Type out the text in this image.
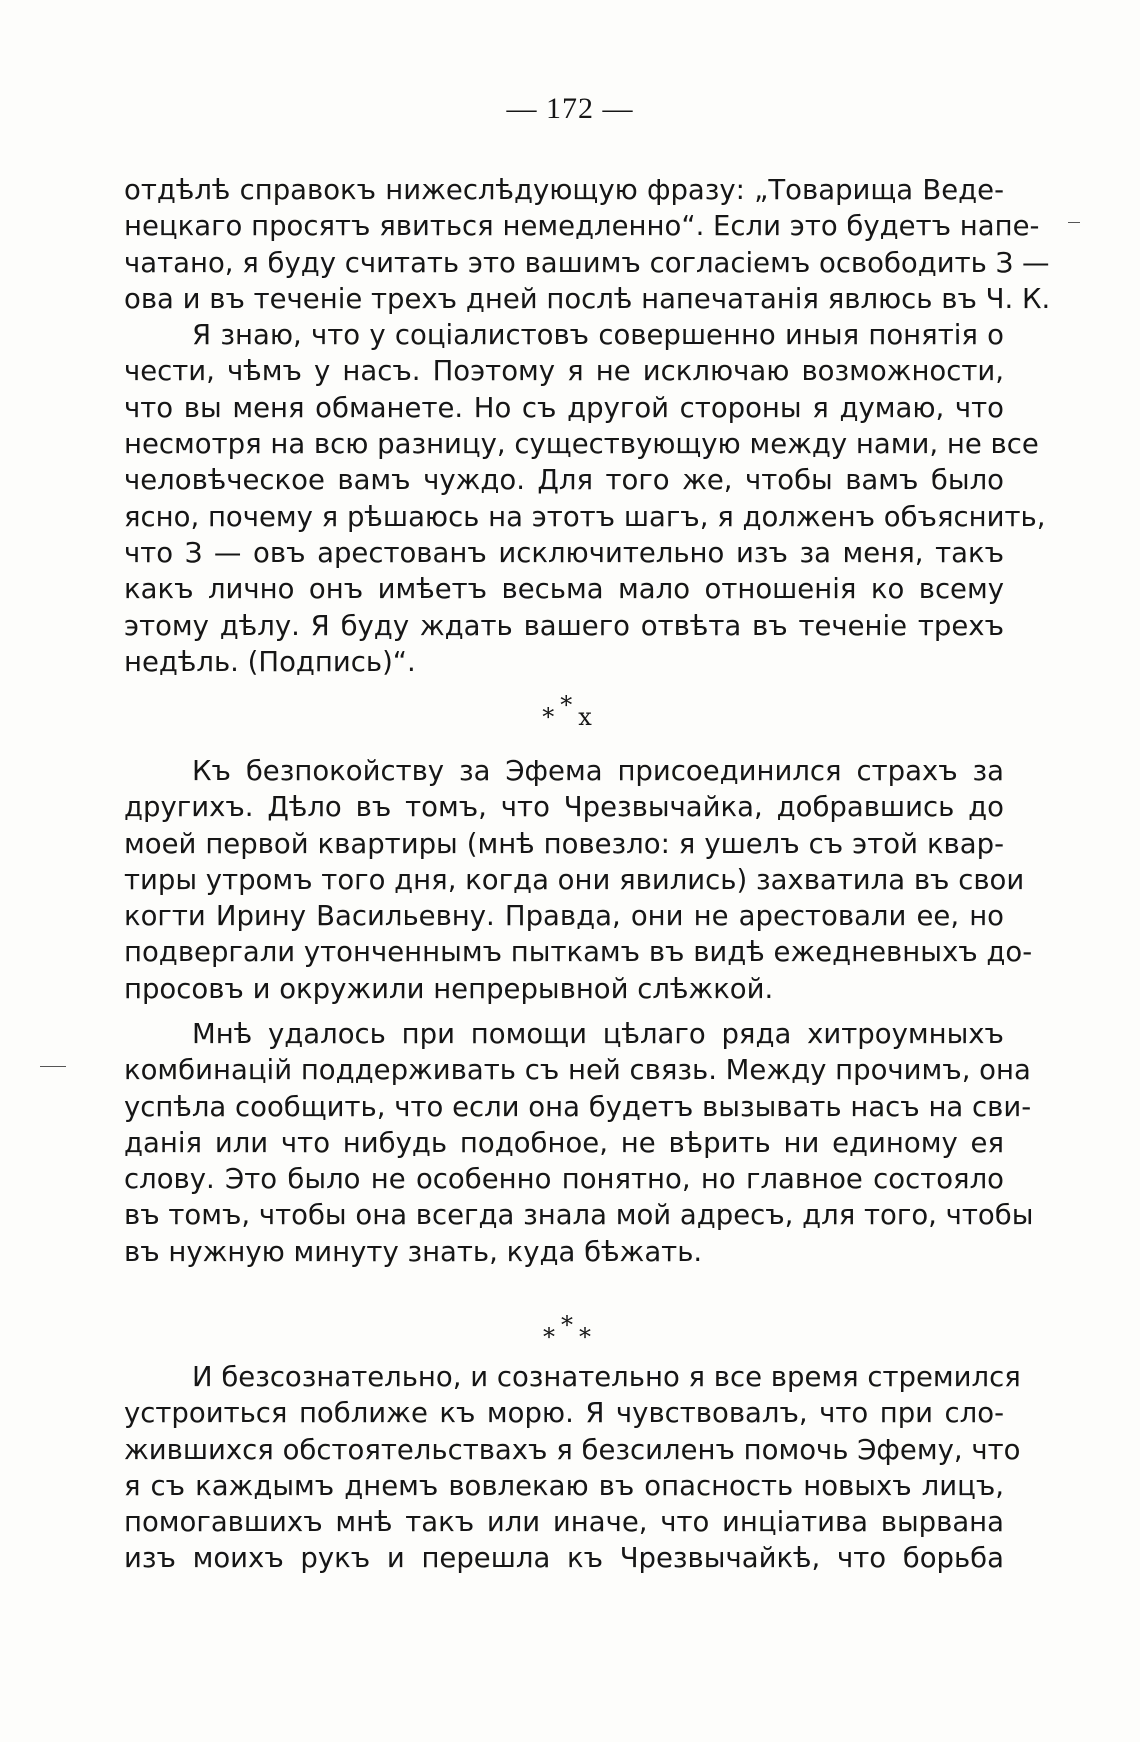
— 172 —
отдѣлѣ справокъ нижеслѣдующую фразу: „Товарища Веде-
нецкаго просятъ явиться немедленно“. Если это будетъ напе-
чатано, я буду считать это вашимъ согласіемъ освободить З —
ова и въ теченіе трехъ дней послѣ напечатанія явлюсь въ Ч. К.
Я знаю, что у соціалистовъ совершенно иныя понятія о
чести, чѣмъ у насъ. Поэтому я не исключаю возможности,
что вы меня обманете. Но съ другой стороны я думаю, что
несмотря на всю разницу, существующую между нами, не все
человѣческое вамъ чуждо. Для того же, чтобы вамъ было
ясно, почему я рѣшаюсь на этотъ шагъ, я долженъ объяснить,
что З — овъ арестованъ исключительно изъ за меня, такъ
какъ лично онъ имѣетъ весьма мало отношенія ко всему
этому дѣлу. Я буду ждать вашего отвѣта въ теченіе трехъ
недѣль. (Подпись)“.
**x
Къ безпокойству за Эфема присоединился страхъ за
другихъ. Дѣло въ томъ, что Чрезвычайка, добравшись до
моей первой квартиры (мнѣ повезло: я ушелъ съ этой квар-
тиры утромъ того дня, когда они явились) захватила въ свои
когти Ирину Васильевну. Правда, они не арестовали ее, но
подвергали утонченнымъ пыткамъ въ видѣ ежедневныхъ до-
просовъ и окружили непрерывной слѣжкой.
Мнѣ удалось при помощи цѣлаго ряда хитроумныхъ
комбинацій поддерживать съ ней связь. Между прочимъ, она
успѣла сообщить, что если она будетъ вызывать насъ на сви-
данія или что нибудь подобное, не вѣрить ни единому ея
слову. Это было не особенно понятно, но главное состояло
въ томъ, чтобы она всегда знала мой адресъ, для того, чтобы
въ нужную минуту знать, куда бѣжать.
***
И безсознательно, и сознательно я все время стремился
устроиться поближе къ морю. Я чувствовалъ, что при сло-
жившихся обстоятельствахъ я безсиленъ помочь Эфему, что
я съ каждымъ днемъ вовлекаю въ опасность новыхъ лицъ,
помогавшихъ мнѣ такъ или иначе, что инціатива вырвана
изъ моихъ рукъ и перешла къ Чрезвычайкѣ, что борьба
